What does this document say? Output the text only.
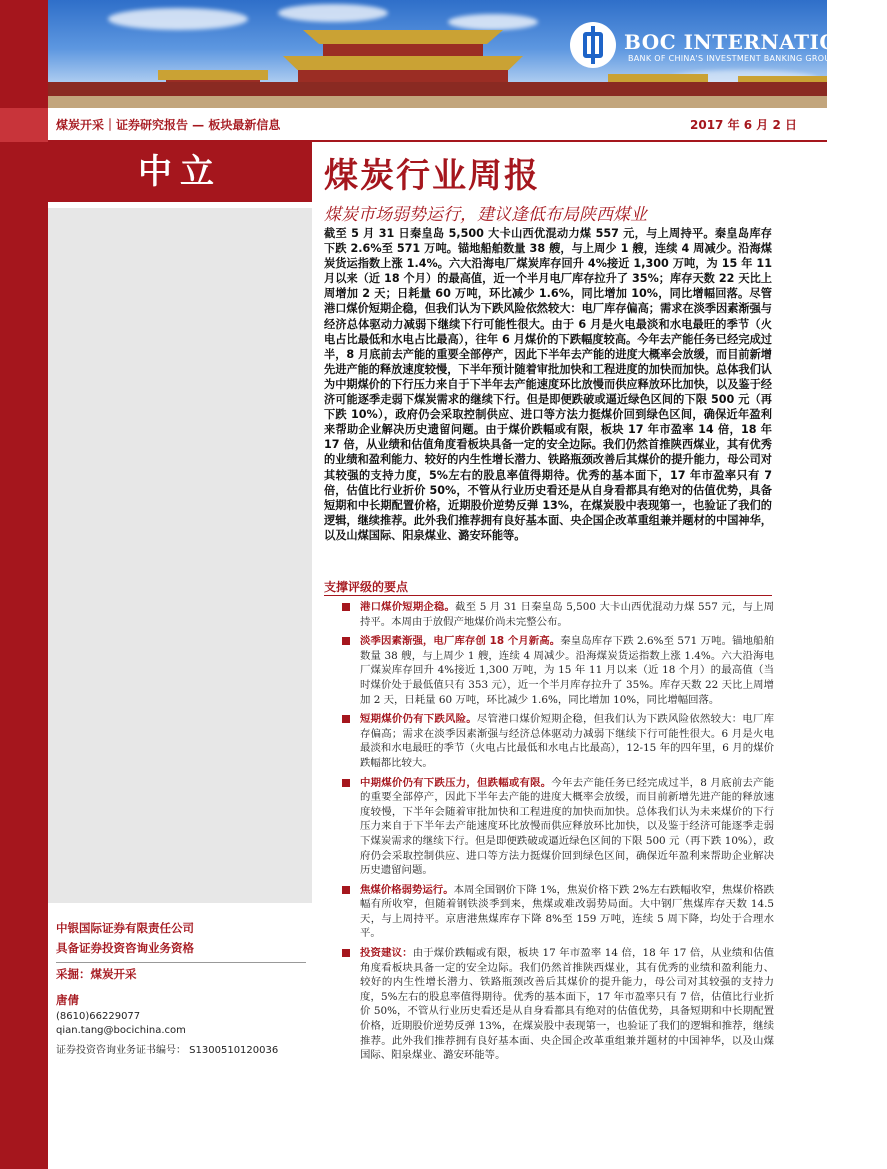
BOC INTERNATIONAL
BANK OF CHINA'S INVESTMENT BANKING GROUP
煤炭开采｜证券研究报告 — 板块最新信息	2017 年 6 月 2 日
中立
中银国际证券有限责任公司
具备证券投资咨询业务资格
采掘：煤炭开采
唐倩
(8610)66229077
qian.tang@bocichina.com
证券投资咨询业务证书编号： S1300510120036
煤炭行业周报
煤炭市场弱势运行，建议逢低布局陕西煤业
截至 5 月 31 日秦皇岛 5,500 大卡山西优混动力煤 557 元，与上周持平。秦皇岛库存下跌 2.6%至 571 万吨。锚地船舶数量 38 艘，与上周少 1 艘，连续 4 周减少。沿海煤炭货运指数上涨 1.4%。六大沿海电厂煤炭库存回升 4%接近 1,300 万吨，为 15 年 11 月以来（近 18 个月）的最高值，近一个半月电厂库存拉升了 35%；库存天数 22 天比上周增加 2 天；日耗量 60 万吨，环比减少 1.6%，同比增加 10%，同比增幅回落。尽管港口煤价短期企稳，但我们认为下跌风险依然较大：电厂库存偏高；需求在淡季因素渐强与经济总体驱动力减弱下继续下行可能性很大。由于 6 月是火电最淡和水电最旺的季节（火电占比最低和水电占比最高），往年 6 月煤价的下跌幅度较高。今年去产能任务已经完成过半，8 月底前去产能的重要全部停产，因此下半年去产能的进度大概率会放缓，而目前新增先进产能的释放速度较慢，下半年预计随着审批加快和工程进度的加快而加快。总体我们认为中期煤价的下行压力来自于下半年去产能速度环比放慢而供应释放环比加快，以及鉴于经济可能逐季走弱下煤炭需求的继续下行。但是即便跌破或逼近绿色区间的下限 500 元（再下跌 10%），政府仍会采取控制供应、进口等方法力挺煤价回到绿色区间，确保近年盈利来帮助企业解决历史遗留问题。由于煤价跌幅或有限，板块 17 年市盈率 14 倍，18 年 17 倍，从业绩和估值角度看板块具备一定的安全边际。我们仍然首推陕西煤业，其有优秀的业绩和盈利能力、较好的内生性增长潜力、铁路瓶颈改善后其煤价的提升能力，母公司对其较强的支持力度，5%左右的股息率值得期待。优秀的基本面下，17 年市盈率只有 7 倍，估值比行业折价 50%，不管从行业历史看还是从自身看都具有绝对的估值优势，具备短期和中长期配置价格，近期股价逆势反弹 13%，在煤炭股中表现第一，也验证了我们的逻辑，继续推荐。此外我们推荐拥有良好基本面、央企国企改革重组兼并题材的中国神华，以及山煤国际、阳泉煤业、潞安环能等。
支撑评级的要点
港口煤价短期企稳。截至 5 月 31 日秦皇岛 5,500 大卡山西优混动力煤 557 元，与上周持平。本周由于放假产地煤价尚未完整公布。
淡季因素渐强，电厂库存创 18 个月新高。秦皇岛库存下跌 2.6%至 571 万吨。锚地船舶数量 38 艘，与上周少 1 艘，连续 4 周减少。沿海煤炭货运指数上涨 1.4%。六大沿海电厂煤炭库存回升 4%接近 1,300 万吨，为 15 年 11 月以来（近 18 个月）的最高值（当时煤价处于最低值只有 353 元），近一个半月库存拉升了 35%。库存天数 22 天比上周增加 2 天，日耗量 60 万吨，环比减少 1.6%，同比增加 10%，同比增幅回落。
短期煤价仍有下跌风险。尽管港口煤价短期企稳，但我们认为下跌风险依然较大：电厂库存偏高；需求在淡季因素渐强与经济总体驱动力减弱下继续下行可能性很大。6 月是火电最淡和水电最旺的季节（火电占比最低和水电占比最高），12-15 年的四年里，6 月的煤价跌幅都比较大。
中期煤价仍有下跌压力，但跌幅或有限。今年去产能任务已经完成过半，8 月底前去产能的重要全部停产，因此下半年去产能的进度大概率会放缓，而目前新增先进产能的释放速度较慢，下半年会随着审批加快和工程进度的加快而加快。总体我们认为未来煤价的下行压力来自于下半年去产能速度环比放慢而供应释放环比加快，以及鉴于经济可能逐季走弱下煤炭需求的继续下行。但是即便跌破或逼近绿色区间的下限 500 元（再下跌 10%），政府仍会采取控制供应、进口等方法力挺煤价回到绿色区间，确保近年盈利来帮助企业解决历史遗留问题。
焦煤价格弱势运行。本周全国钢价下降 1%，焦炭价格下跌 2%左右跌幅收窄，焦煤价格跌幅有所收窄，但随着钢铁淡季到来，焦煤或难改弱势局面。大中钢厂焦煤库存天数 14.5 天，与上周持平。京唐港焦煤库存下降 8%至 159 万吨，连续 5 周下降，均处于合理水平。
投资建议：由于煤价跌幅或有限，板块 17 年市盈率 14 倍，18 年 17 倍，从业绩和估值角度看板块具备一定的安全边际。我们仍然首推陕西煤业，其有优秀的业绩和盈利能力、较好的内生性增长潜力、铁路瓶颈改善后其煤价的提升能力，母公司对其较强的支持力度，5%左右的股息率值得期待。优秀的基本面下，17 年市盈率只有 7 倍，估值比行业折价 50%，不管从行业历史看还是从自身看都具有绝对的估值优势，具备短期和中长期配置价格，近期股价逆势反弹 13%，在煤炭股中表现第一，也验证了我们的逻辑和推荐，继续推荐。此外我们推荐拥有良好基本面、央企国企改革重组兼并题材的中国神华，以及山煤国际、阳泉煤业、潞安环能等。
